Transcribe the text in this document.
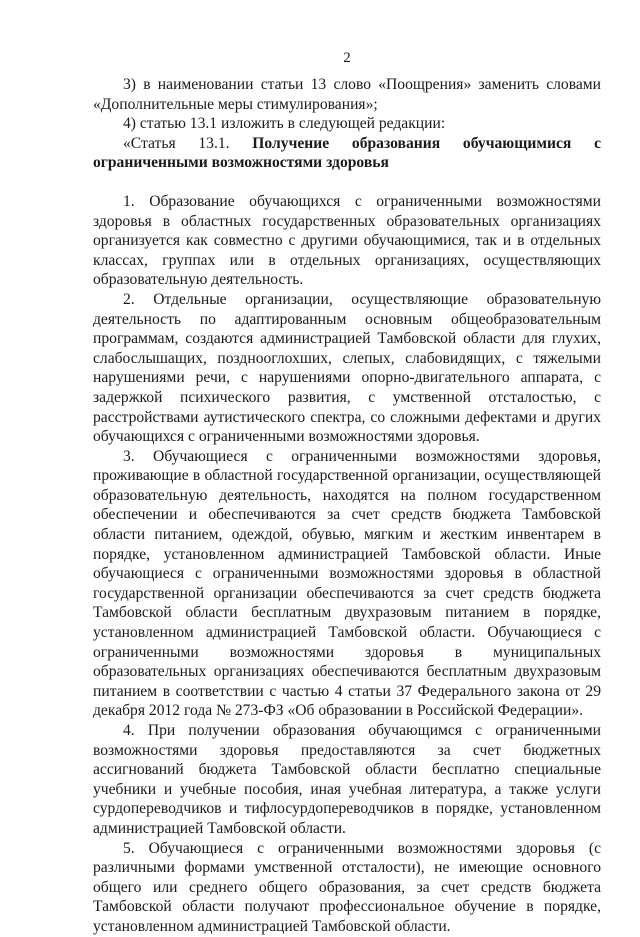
2

3) в наименовании статьи 13 слово «Поощрения» заменить словами «Дополнительные меры стимулирования»;

4) статью 13.1 изложить в следующей редакции:

«Статья 13.1. Получение образования обучающимися с ограниченными возможностями здоровья

1. Образование обучающихся с ограниченными возможностями здоровья в областных государственных образовательных организациях организуется как совместно с другими обучающимися, так и в отдельных классах, группах или в отдельных организациях, осуществляющих образовательную деятельность.

2. Отдельные организации, осуществляющие образовательную деятельность по адаптированным основным общеобразовательным программам, создаются администрацией Тамбовской области для глухих, слабослышащих, позднооглохших, слепых, слабовидящих, с тяжелыми нарушениями речи, с нарушениями опорно-двигательного аппарата, с задержкой психического развития, с умственной отсталостью, с расстройствами аутистического спектра, со сложными дефектами и других обучающихся с ограниченными возможностями здоровья.

3. Обучающиеся с ограниченными возможностями здоровья, проживающие в областной государственной организации, осуществляющей образовательную деятельность, находятся на полном государственном обеспечении и обеспечиваются за счет средств бюджета Тамбовской области питанием, одеждой, обувью, мягким и жестким инвентарем в порядке, установленном администрацией Тамбовской области. Иные обучающиеся с ограниченными возможностями здоровья в областной государственной организации обеспечиваются за счет средств бюджета Тамбовской области бесплатным двухразовым питанием в порядке, установленном администрацией Тамбовской области. Обучающиеся с ограниченными возможностями здоровья в муниципальных образовательных организациях обеспечиваются бесплатным двухразовым питанием в соответствии с частью 4 статьи 37 Федерального закона от 29 декабря 2012 года № 273-ФЗ «Об образовании в Российской Федерации».

4. При получении образования обучающимся с ограниченными возможностями здоровья предоставляются за счет бюджетных ассигнований бюджета Тамбовской области бесплатно специальные учебники и учебные пособия, иная учебная литература, а также услуги сурдопереводчиков и тифлосурдопереводчиков в порядке, установленном администрацией Тамбовской области.

5. Обучающиеся с ограниченными возможностями здоровья (с различными формами умственной отсталости), не имеющие основного общего или среднего общего образования, за счет средств бюджета Тамбовской области получают профессиональное обучение в порядке, установленном администрацией Тамбовской области.
